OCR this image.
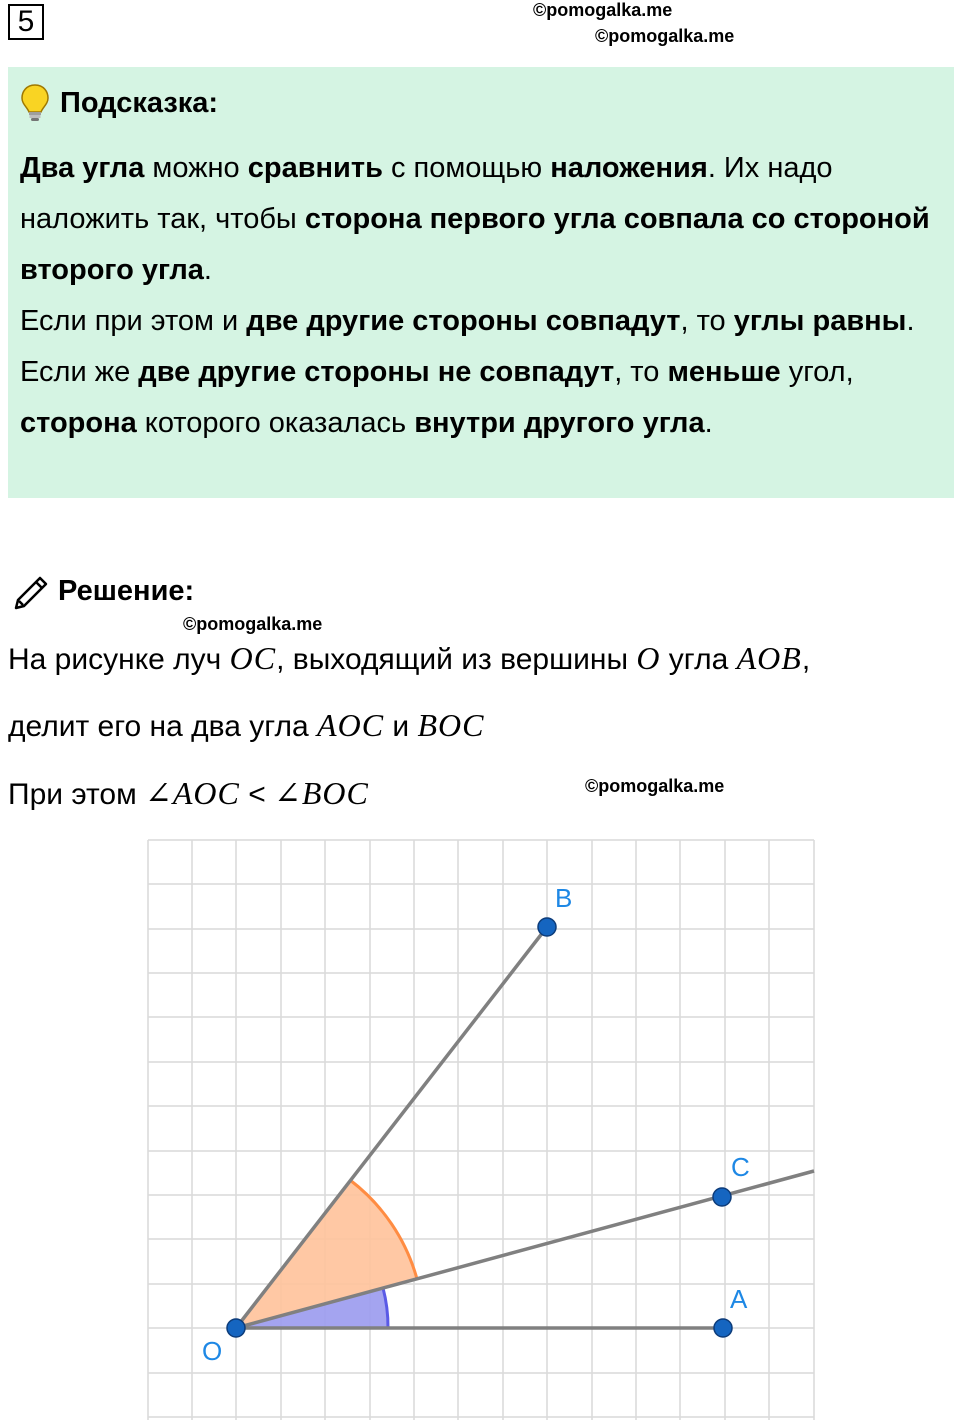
5	©pomogalka.me
©pomogalka.me
Подсказка:
Два угла можно сравнить с помощью наложения. Их надо наложить так, чтобы сторона первого угла совпала со стороной второго угла.
Если при этом и две другие стороны совпадут, то углы равны. Если же две другие стороны не совпадут, то меньше угол, сторона которого оказалась внутри другого угла.
Решение:
©pomogalka.me
На рисунке луч OC, выходящий из вершины O угла AOB,
делит его на два угла AOC и BOC
При этом ∠AOC < ∠BOC	©pomogalka.me
O
A
B
C
